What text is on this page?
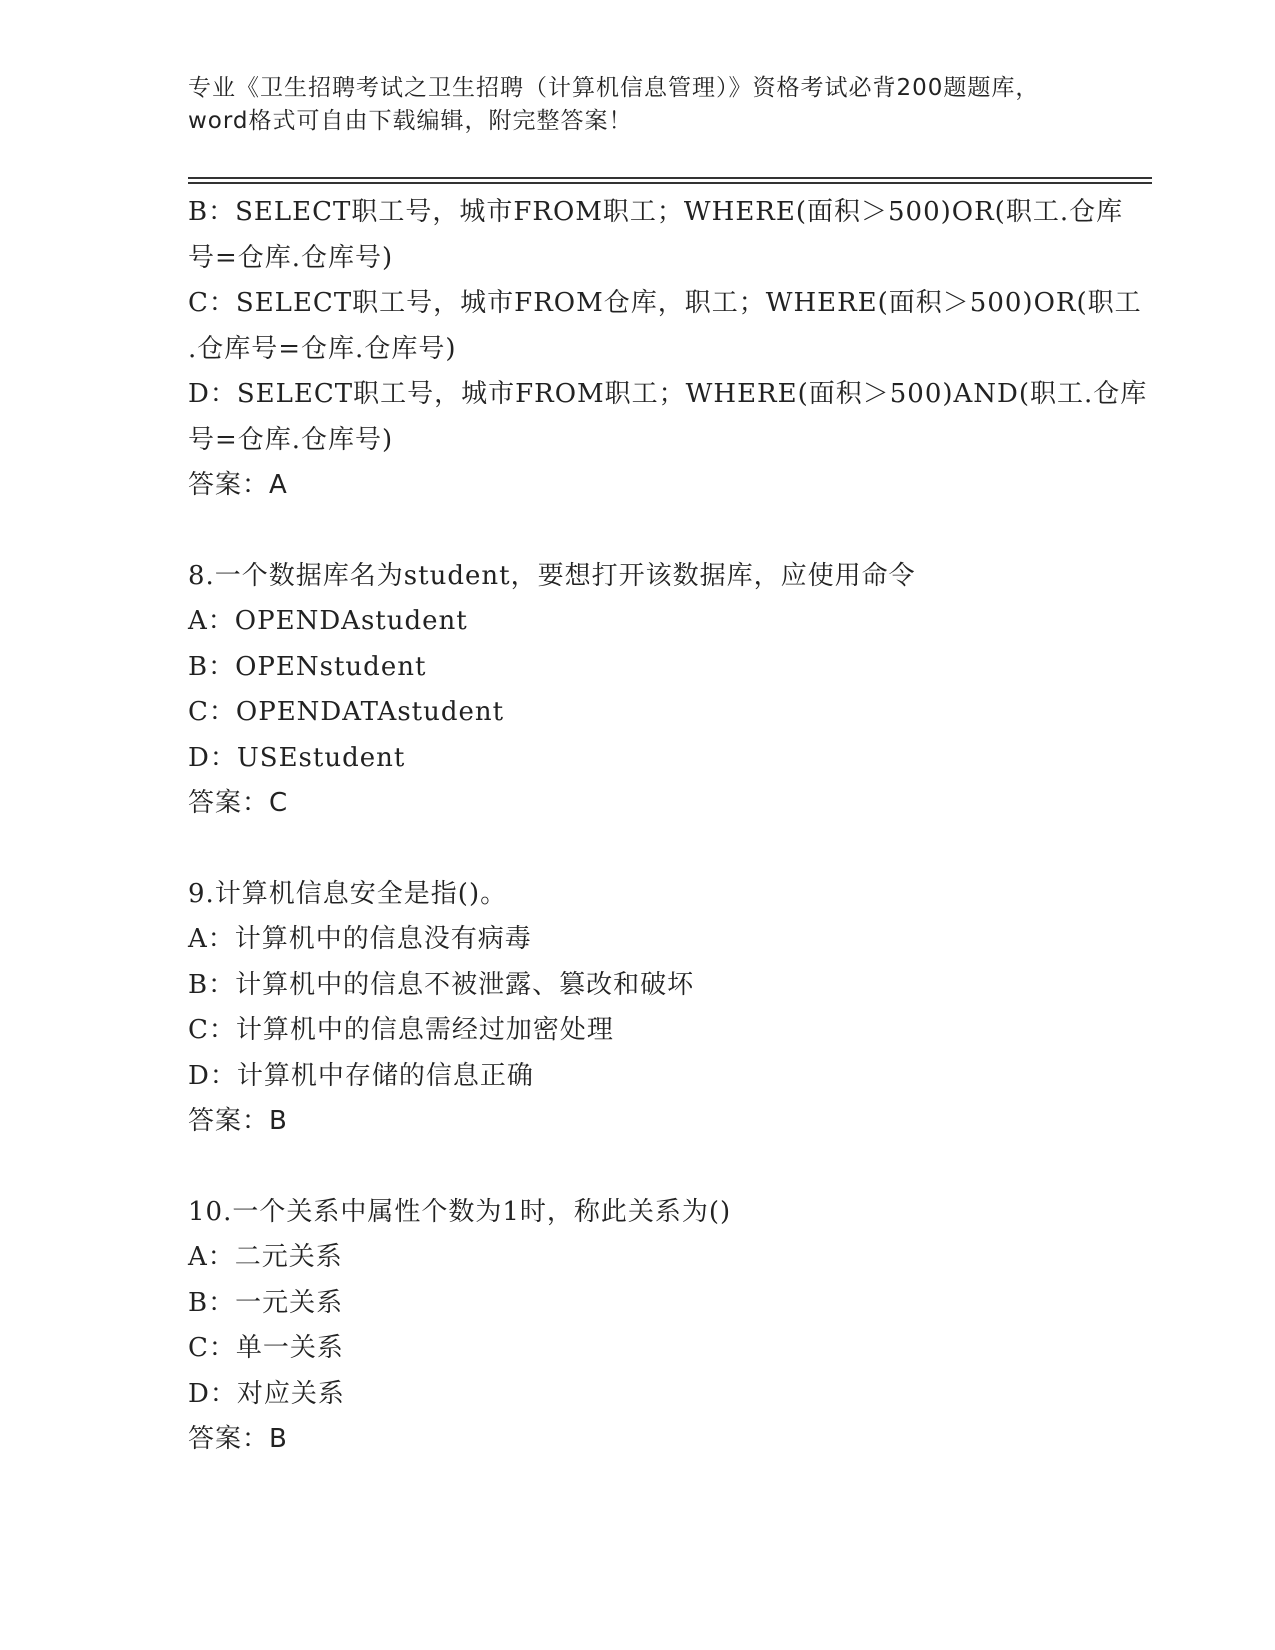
专业《卫生招聘考试之卫生招聘（计算机信息管理）》资格考试必背200题题库，
word格式可自由下载编辑，附完整答案！
B：SELECT职工号，城市FROM职工；WHERE(面积＞500)OR(职工.仓库
号=仓库.仓库号)
C：SELECT职工号，城市FROM仓库，职工；WHERE(面积＞500)OR(职工
.仓库号=仓库.仓库号)
D：SELECT职工号，城市FROM职工；WHERE(面积＞500)AND(职工.仓库
号=仓库.仓库号)
答案：A
8.一个数据库名为student，要想打开该数据库，应使用命令
A：OPENDAstudent
B：OPENstudent
C：OPENDATAstudent
D：USEstudent
答案：C
9.计算机信息安全是指()。
A：计算机中的信息没有病毒
B：计算机中的信息不被泄露、篡改和破坏
C：计算机中的信息需经过加密处理
D：计算机中存储的信息正确
答案：B
10.一个关系中属性个数为1时，称此关系为()
A：二元关系
B：一元关系
C：单一关系
D：对应关系
答案：B
